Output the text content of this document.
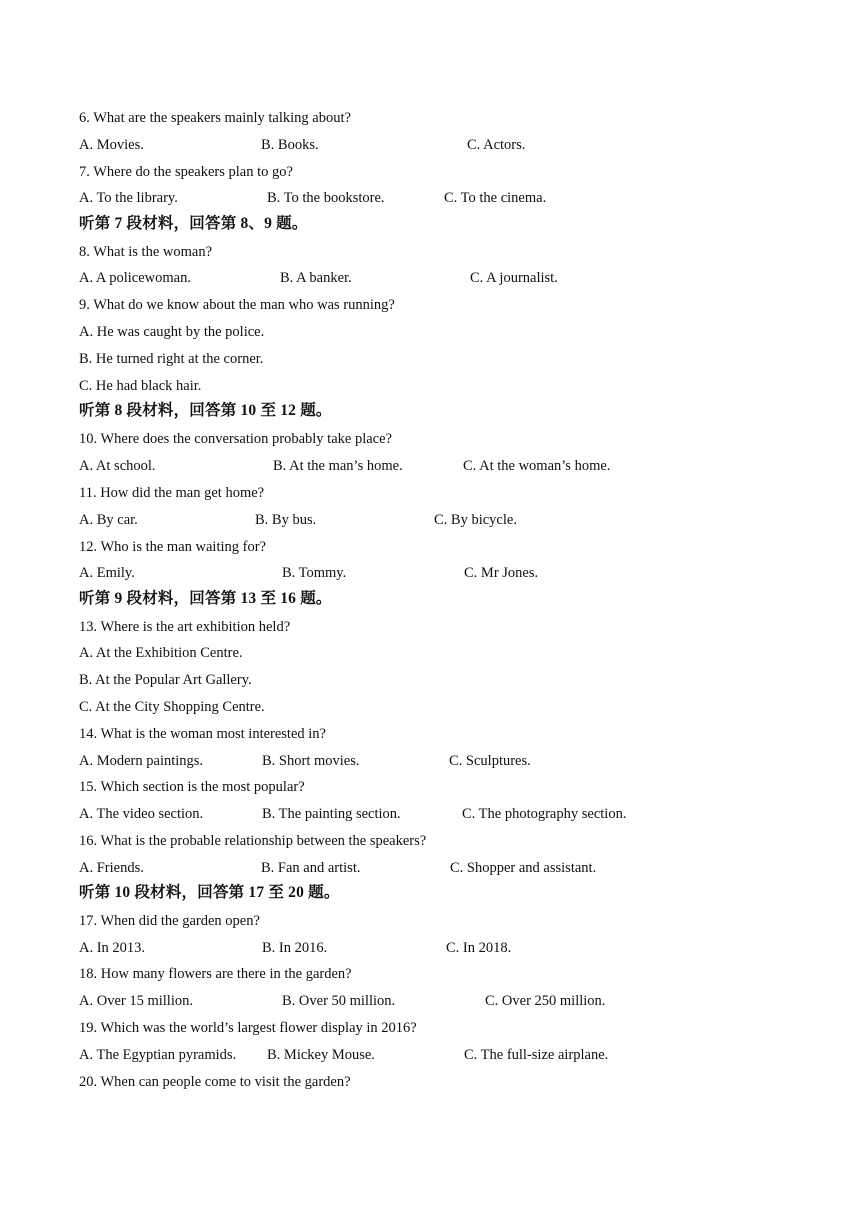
6. What are the speakers mainly talking about?
A. Movies.	B. Books.	C. Actors.
7. Where do the speakers plan to go?
A. To the library.	B. To the bookstore.	C. To the cinema.
听第 7 段材料，回答第 8、9 题。
8. What is the woman?
A. A policewoman.	B. A banker.	C. A journalist.
9. What do we know about the man who was running?
A. He was caught by the police.
B. He turned right at the corner.
C. He had black hair.
听第 8 段材料，回答第 10 至 12 题。
10. Where does the conversation probably take place?
A. At school.	B. At the man’s home.	C. At the woman’s home.
11. How did the man get home?
A. By car.	B. By bus.	C. By bicycle.
12. Who is the man waiting for?
A. Emily.	B. Tommy.	C. Mr Jones.
听第 9 段材料，回答第 13 至 16 题。
13. Where is the art exhibition held?
A. At the Exhibition Centre.
B. At the Popular Art Gallery.
C. At the City Shopping Centre.
14. What is the woman most interested in?
A. Modern paintings.	B. Short movies.	C. Sculptures.
15. Which section is the most popular?
A. The video section.	B. The painting section.	C. The photography section.
16. What is the probable relationship between the speakers?
A. Friends.	B. Fan and artist.	C. Shopper and assistant.
听第 10 段材料，回答第 17 至 20 题。
17. When did the garden open?
A. In 2013.	B. In 2016.	C. In 2018.
18. How many flowers are there in the garden?
A. Over 15 million.	B. Over 50 million.	C. Over 250 million.
19. Which was the world’s largest flower display in 2016?
A. The Egyptian pyramids. B. Mickey Mouse.	C. The full-size airplane.
20. When can people come to visit the garden?
